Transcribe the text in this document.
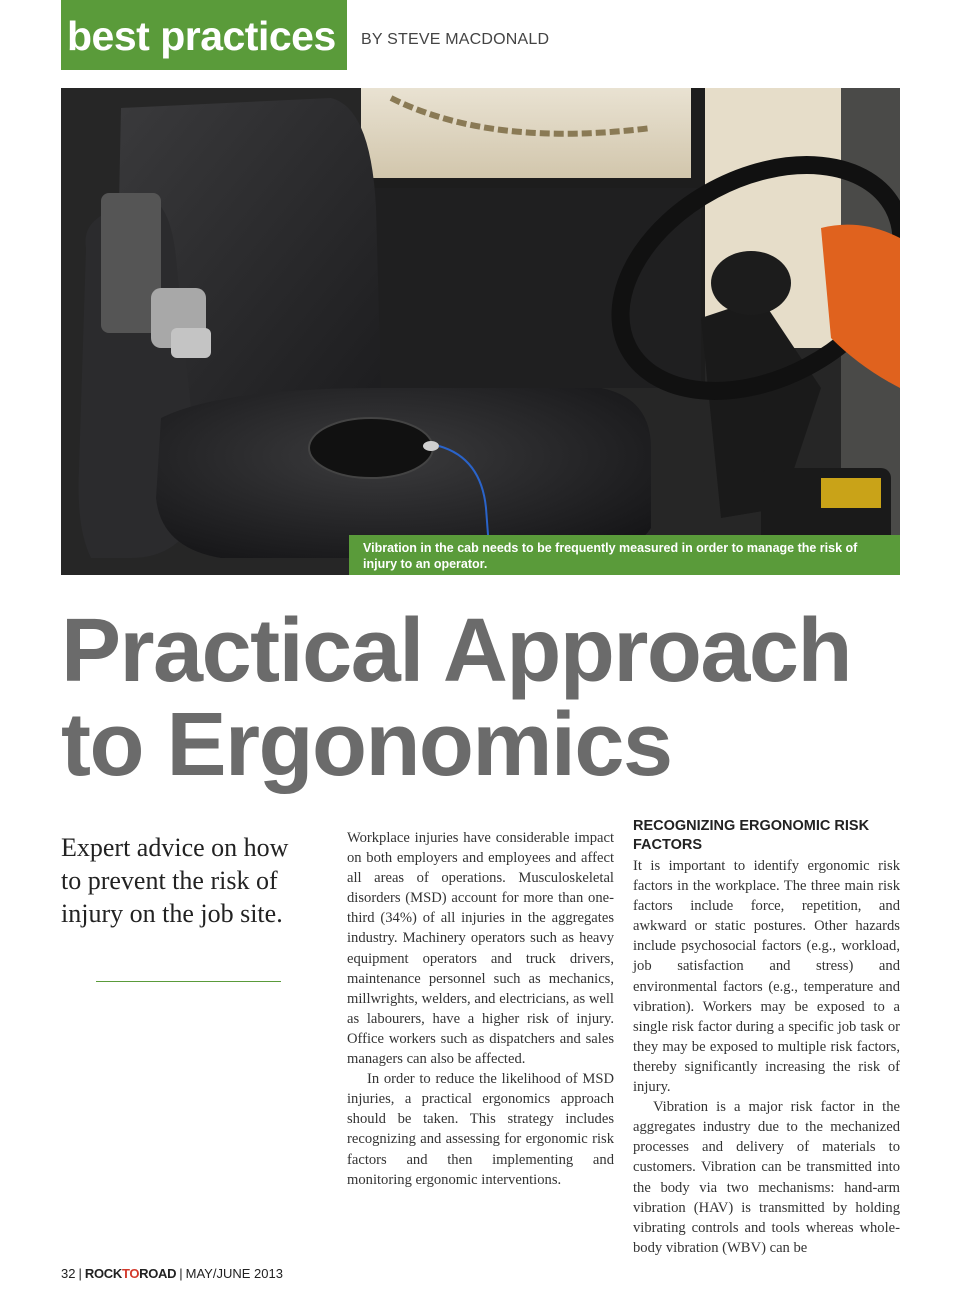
best practices	BY STEVE MACDONALD
Vibration in the cab needs to be frequently measured in order to manage the risk of injury to an operator.
Practical Approach
to Ergonomics

Expert advice on how to prevent the risk of injury on the job site.

Workplace injuries have considerable impact on both employers and employees and affect all areas of operations. Musculoskeletal disorders (MSD) account for more than one-third (34%) of all injuries in the aggregates industry. Machinery operators such as heavy equipment operators and truck drivers, maintenance personnel such as mechanics, millwrights, welders, and electricians, as well as labourers, have a higher risk of injury. Office workers such as dispatchers and sales managers can also be affected.

In order to reduce the likelihood of MSD injuries, a practical ergonomics approach should be taken. This strategy includes recognizing and assessing for ergonomic risk factors and then implementing and monitoring ergonomic interventions.

RECOGNIZING ERGONOMIC RISK FACTORS

It is important to identify ergonomic risk factors in the workplace. The three main risk factors include force, repetition, and awkward or static postures. Other hazards include psychosocial factors (e.g., workload, job satisfaction and stress) and environmental factors (e.g., temperature and vibration). Workers may be exposed to a single risk factor during a specific job task or they may be exposed to multiple risk factors, thereby significantly increasing the risk of injury.

Vibration is a major risk factor in the aggregates industry due to the mechanized processes and delivery of materials to customers. Vibration can be transmitted into the body via two mechanisms: hand-arm vibration (HAV) is transmitted by holding vibrating controls and tools whereas whole-body vibration (WBV) can be

32 | ROCKTOROAD | MAY/JUNE 2013
